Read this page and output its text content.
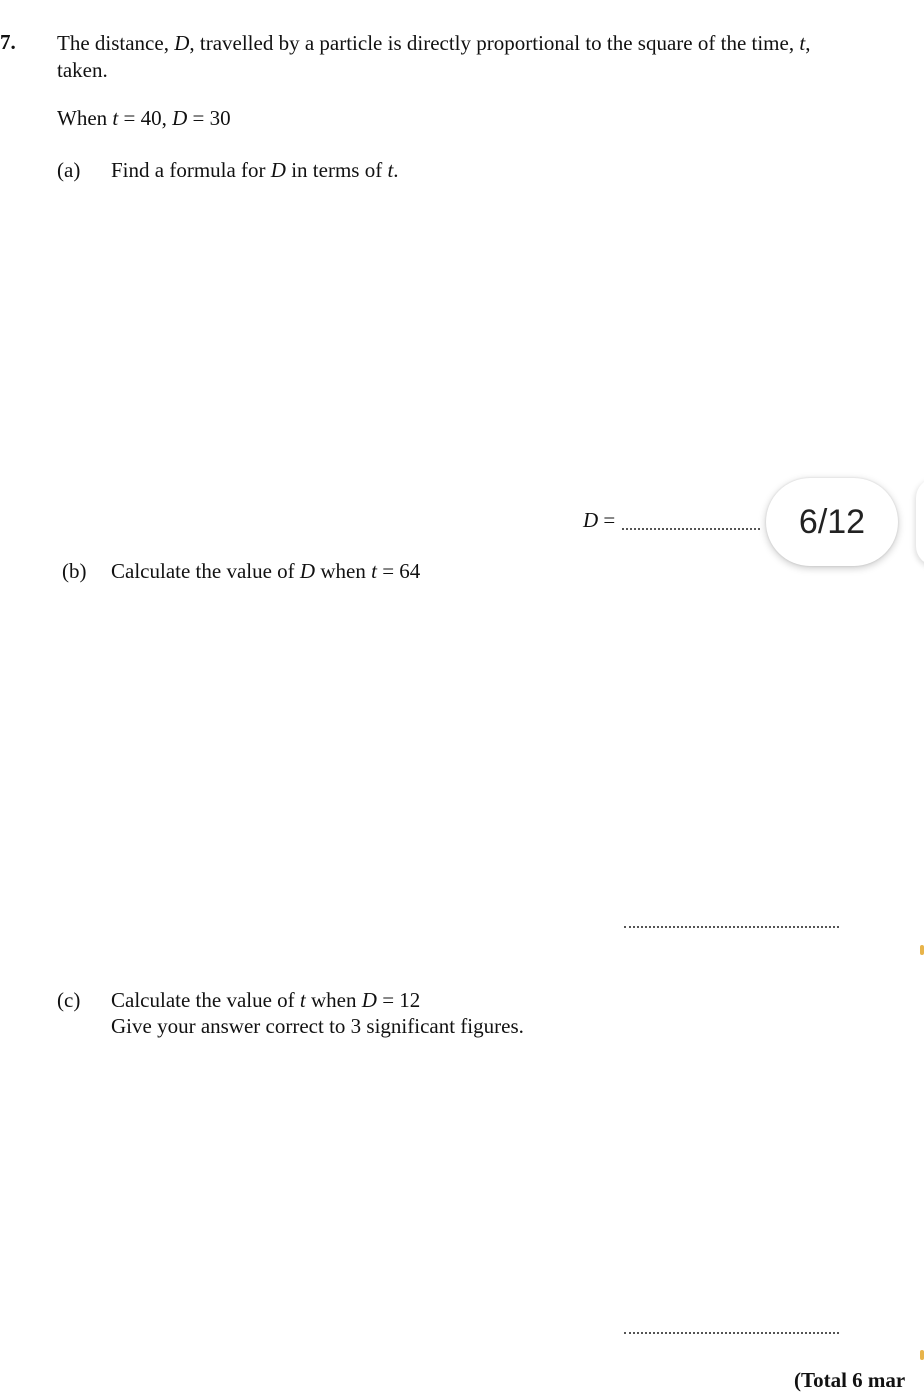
7. The distance, D, travelled by a particle is directly proportional to the square of the time, t,
taken.
When t = 40, D = 30
(a) Find a formula for D in terms of t.
D =	6/12
(b) Calculate the value of D when t = 64
(c) Calculate the value of t when D = 12
Give your answer correct to 3 significant figures.
(Total 6 mar
